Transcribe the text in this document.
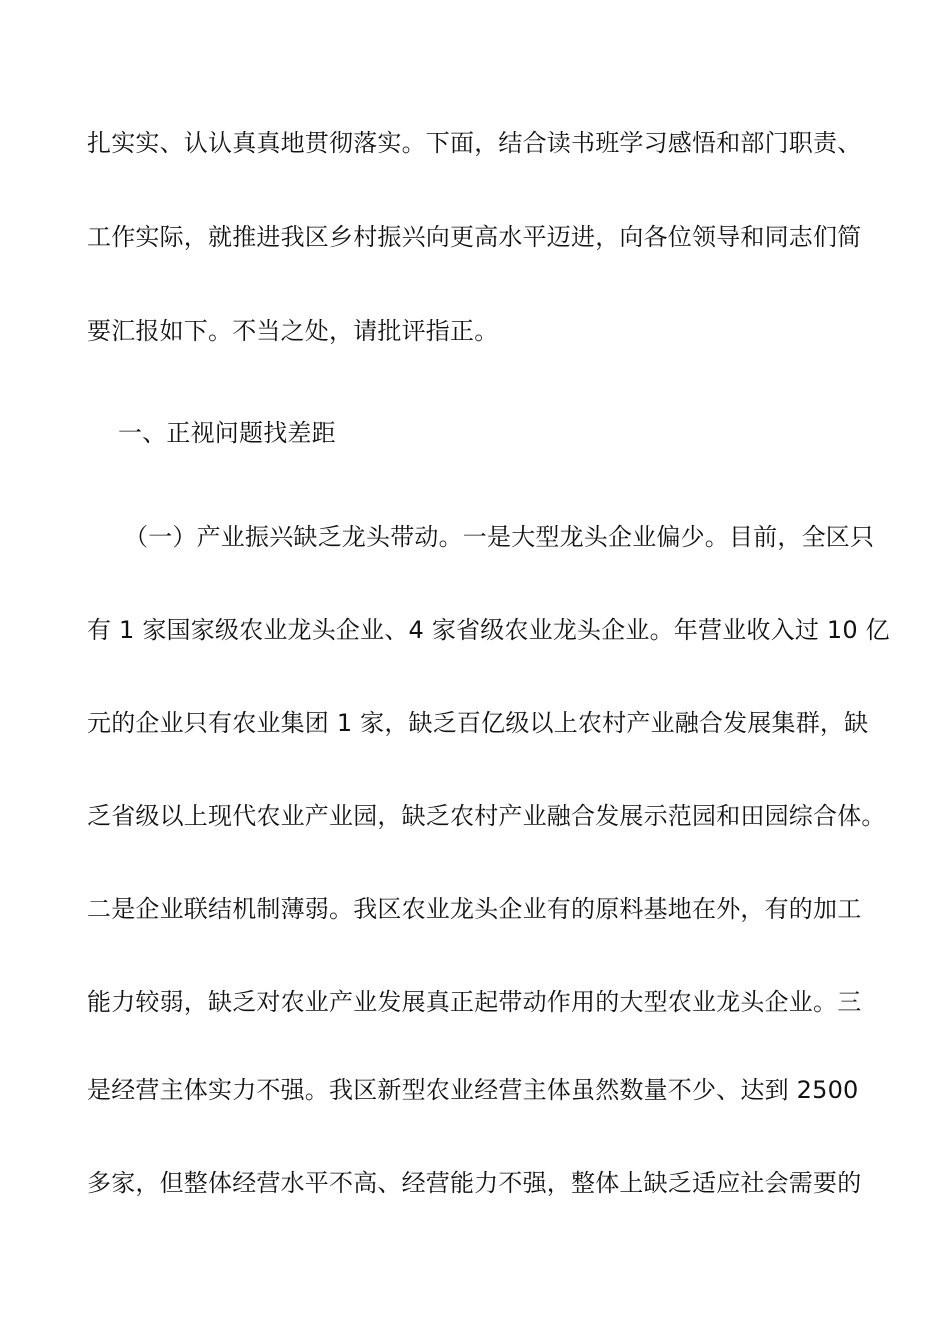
扎实实、认认真真地贯彻落实。下面，结合读书班学习感悟和部门职责、
工作实际，就推进我区乡村振兴向更高水平迈进，向各位领导和同志们简
要汇报如下。不当之处，请批评指正。
一、正视问题找差距
（一）产业振兴缺乏龙头带动。一是大型龙头企业偏少。目前，全区只
有 1 家国家级农业龙头企业、4 家省级农业龙头企业。年营业收入过 10 亿
元的企业只有农业集团 1 家，缺乏百亿级以上农村产业融合发展集群，缺
乏省级以上现代农业产业园，缺乏农村产业融合发展示范园和田园综合体。
二是企业联结机制薄弱。我区农业龙头企业有的原料基地在外，有的加工
能力较弱，缺乏对农业产业发展真正起带动作用的大型农业龙头企业。三
是经营主体实力不强。我区新型农业经营主体虽然数量不少、达到 2500
多家，但整体经营水平不高、经营能力不强，整体上缺乏适应社会需要的
